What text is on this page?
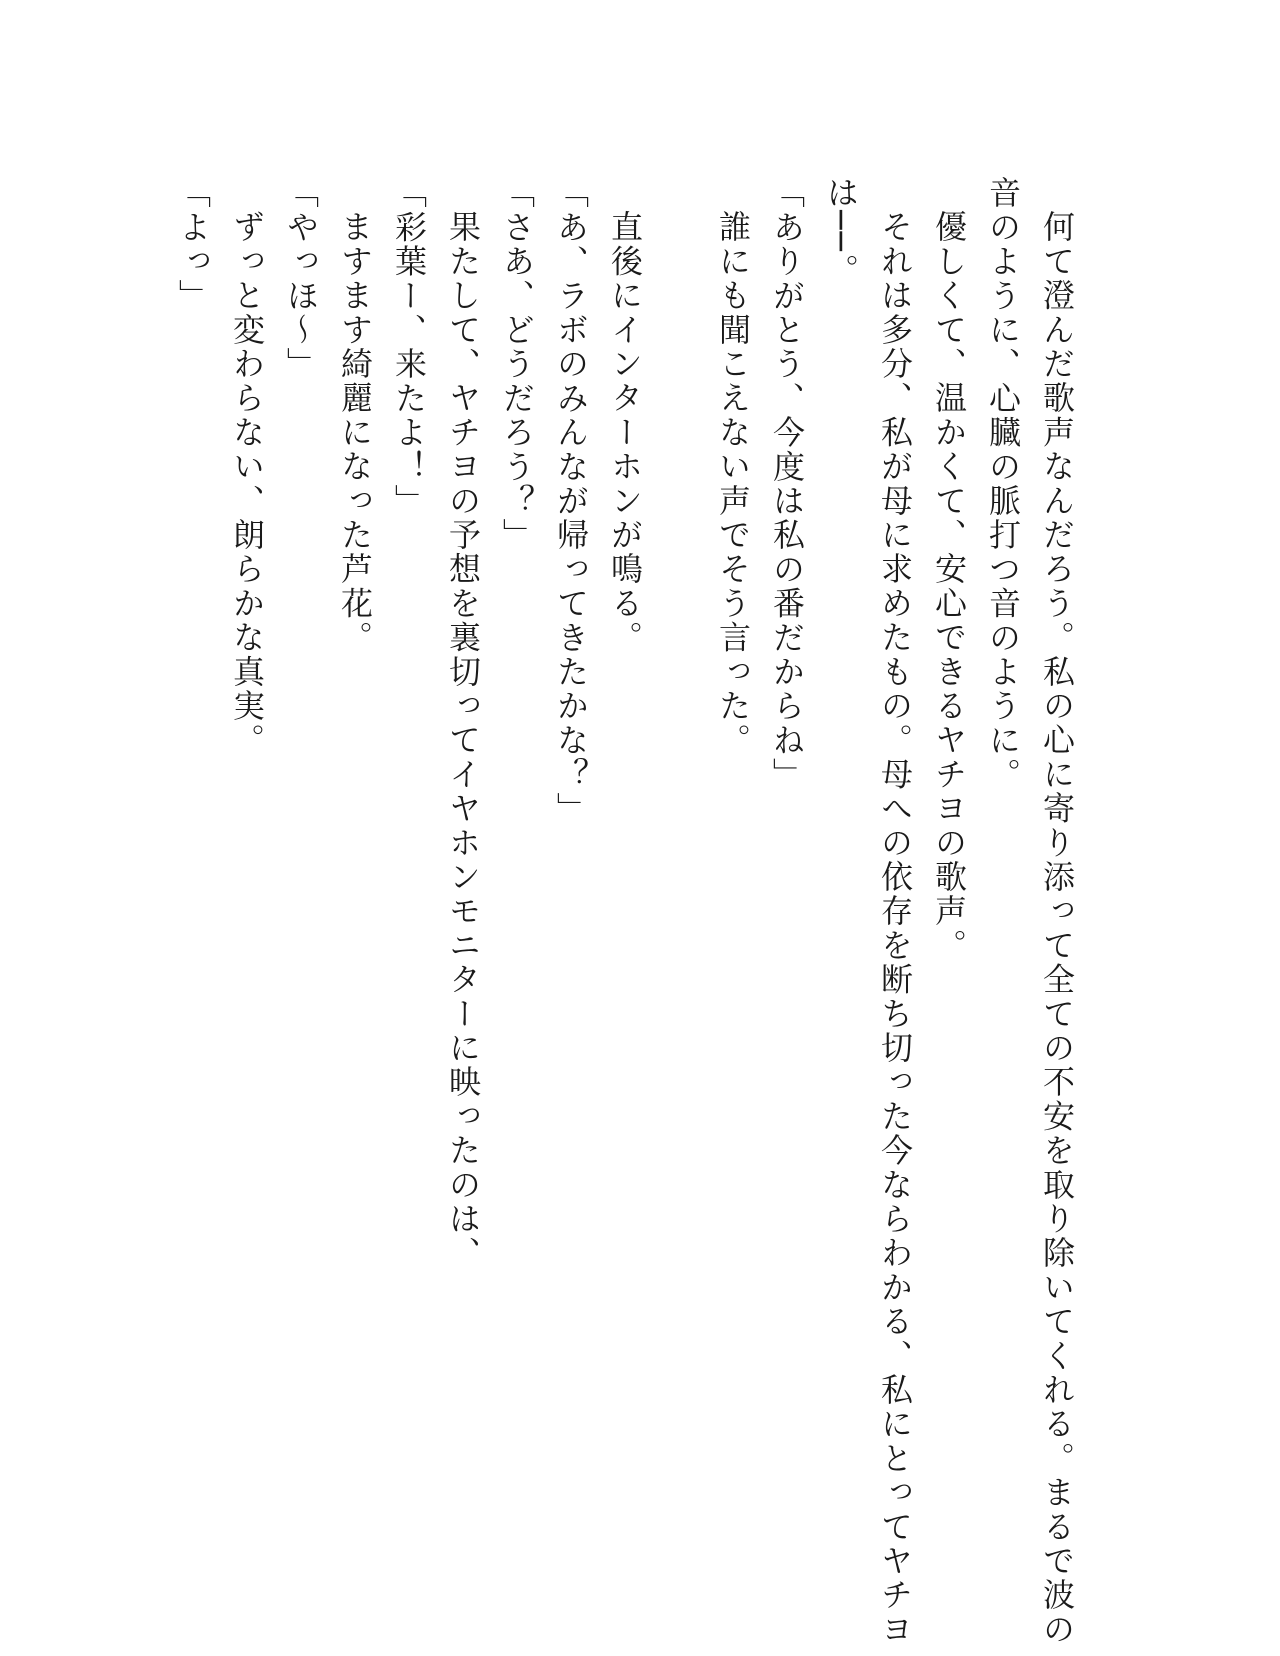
何て澄んだ歌声なんだろう。私の心に寄り添って全ての不安を取り除いてくれる。まるで波の
音のように、心臓の脈打つ音のように。
優しくて、温かくて、安心できるヤチヨの歌声。
それは多分、私が母に求めたもの。母への依存を断ち切った今ならわかる、私にとってヤチヨ
は──。
「ありがとう、今度は私の番だからね」
誰にも聞こえない声でそう言った。
直後にインターホンが鳴る。
「あ、ラボのみんなが帰ってきたかな？」
「さあ、どうだろう？」
果たして、ヤチヨの予想を裏切ってイヤホンモニターに映ったのは、
「彩葉ー、来たよ！」
ますます綺麗になった芦花。
「やっほ〜」
ずっと変わらない、朗らかな真実。
「よっ」
